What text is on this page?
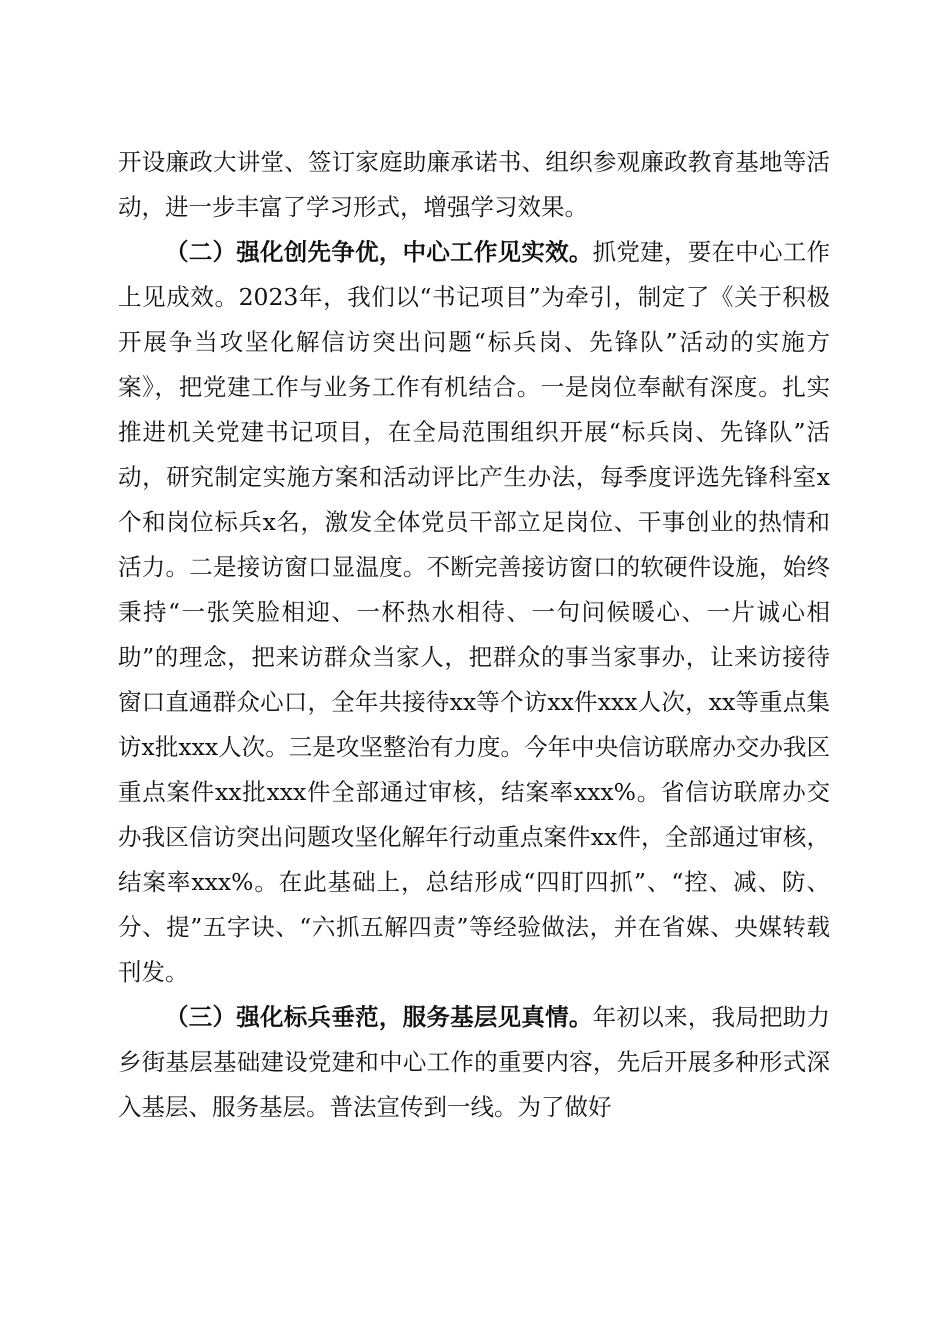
开设廉政大讲堂、签订家庭助廉承诺书、组织参观廉政教育基地等活动，进一步丰富了学习形式，增强学习效果。

（二）强化创先争优，中心工作见实效。抓党建，要在中心工作上见成效。2023年，我们以“书记项目”为牵引，制定了《关于积极开展争当攻坚化解信访突出问题“标兵岗、先锋队”活动的实施方案》，把党建工作与业务工作有机结合。一是岗位奉献有深度。扎实推进机关党建书记项目，在全局范围组织开展“标兵岗、先锋队”活动，研究制定实施方案和活动评比产生办法，每季度评选先锋科室x个和岗位标兵x名，激发全体党员干部立足岗位、干事创业的热情和活力。二是接访窗口显温度。不断完善接访窗口的软硬件设施，始终秉持“一张笑脸相迎、一杯热水相待、一句问候暖心、一片诚心相助”的理念，把来访群众当家人，把群众的事当家事办，让来访接待窗口直通群众心口，全年共接待xx等个访xx件xxx人次，xx等重点集访x批xxx人次。三是攻坚整治有力度。今年中央信访联席办交办我区重点案件xx批xxx件全部通过审核，结案率xxx%。省信访联席办交办我区信访突出问题攻坚化解年行动重点案件xx件，全部通过审核，结案率xxx%。在此基础上，总结形成“四盯四抓”、“控、减、防、分、提”五字诀、“六抓五解四责”等经验做法，并在省媒、央媒转载刊发。

（三）强化标兵垂范，服务基层见真情。年初以来，我局把助力乡街基层基础建设党建和中心工作的重要内容，先后开展多种形式深入基层、服务基层。普法宣传到一线。为了做好
